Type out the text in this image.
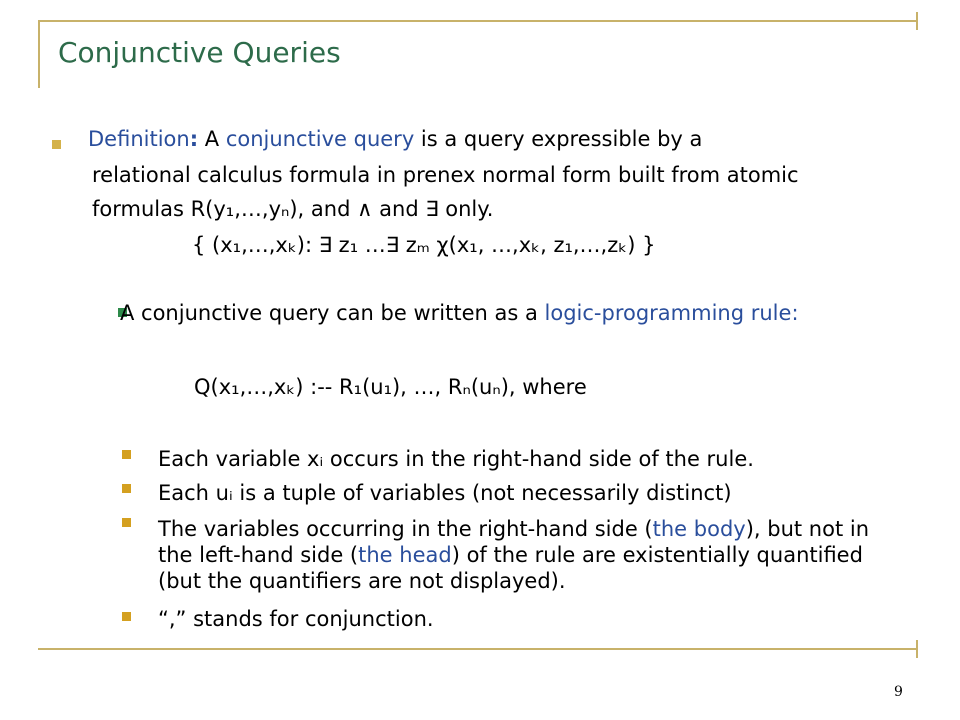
Conjunctive Queries
Definition: A conjunctive query is a query expressible by a
relational calculus formula in prenex normal form built from atomic
formulas R(y₁,…,yₙ), and ∧ and ∃ only.
{ (x₁,…,xₖ): ∃ z₁ …∃ zₘ χ(x₁, …,xₖ, z₁,…,zₖ) }
A conjunctive query can be written as a logic-programming rule:
Q(x₁,…,xₖ) :-- R₁(u₁), …, Rₙ(uₙ), where
Each variable xᵢ occurs in the right-hand side of the rule.
Each uᵢ is a tuple of variables (not necessarily distinct)
The variables occurring in the right-hand side (the body), but not in the left-hand side (the head) of the rule are existentially quantified (but the quantifiers are not displayed).
“,” stands for conjunction.
9
